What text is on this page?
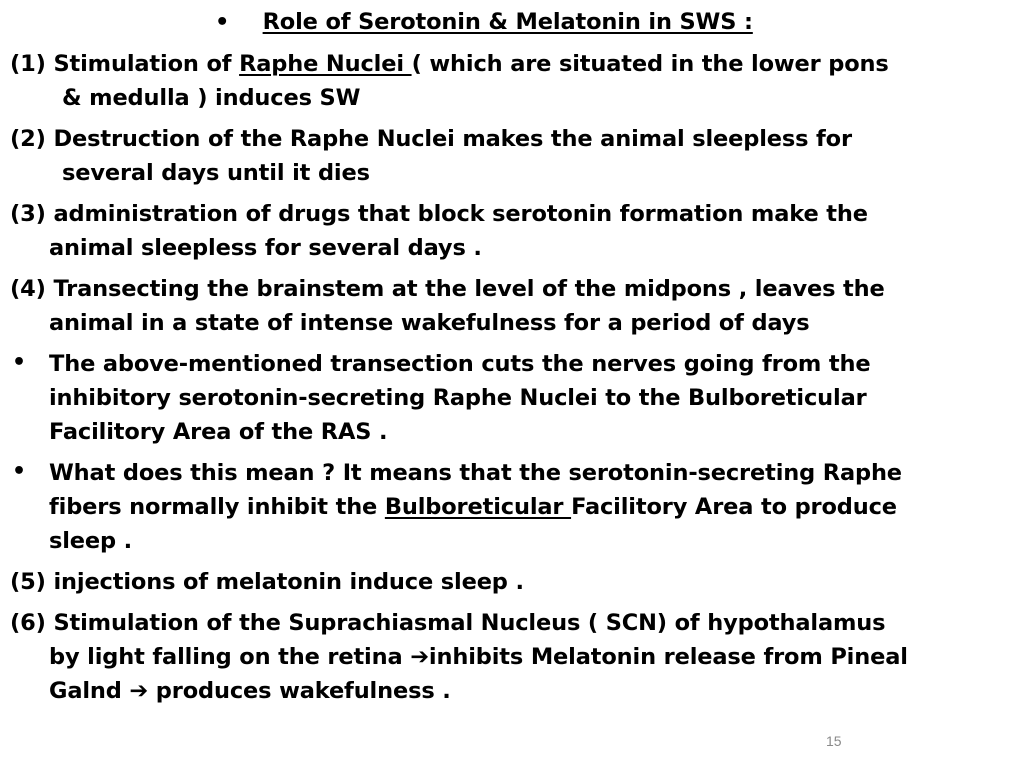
• Role of Serotonin & Melatonin in SWS :
(1) Stimulation of Raphe Nuclei ( which are situated in the lower pons
& medulla ) induces SW
(2) Destruction of the Raphe Nuclei makes the animal sleepless for
several days until it dies
(3) administration of drugs that block serotonin formation make the
animal sleepless for several days .
(4) Transecting the brainstem at the level of the midpons , leaves the
animal in a state of intense wakefulness for a period of days
• The above-mentioned transection cuts the nerves going from the
inhibitory serotonin-secreting Raphe Nuclei to the Bulboreticular
Facilitory Area of the RAS .
• What does this mean ? It means that the serotonin-secreting Raphe
fibers normally inhibit the Bulboreticular Facilitory Area to produce
sleep .
(5) injections of melatonin induce sleep .
(6) Stimulation of the Suprachiasmal Nucleus ( SCN) of hypothalamus
by light falling on the retina ➔inhibits Melatonin release from Pineal
Galnd ➔ produces wakefulness .
15
